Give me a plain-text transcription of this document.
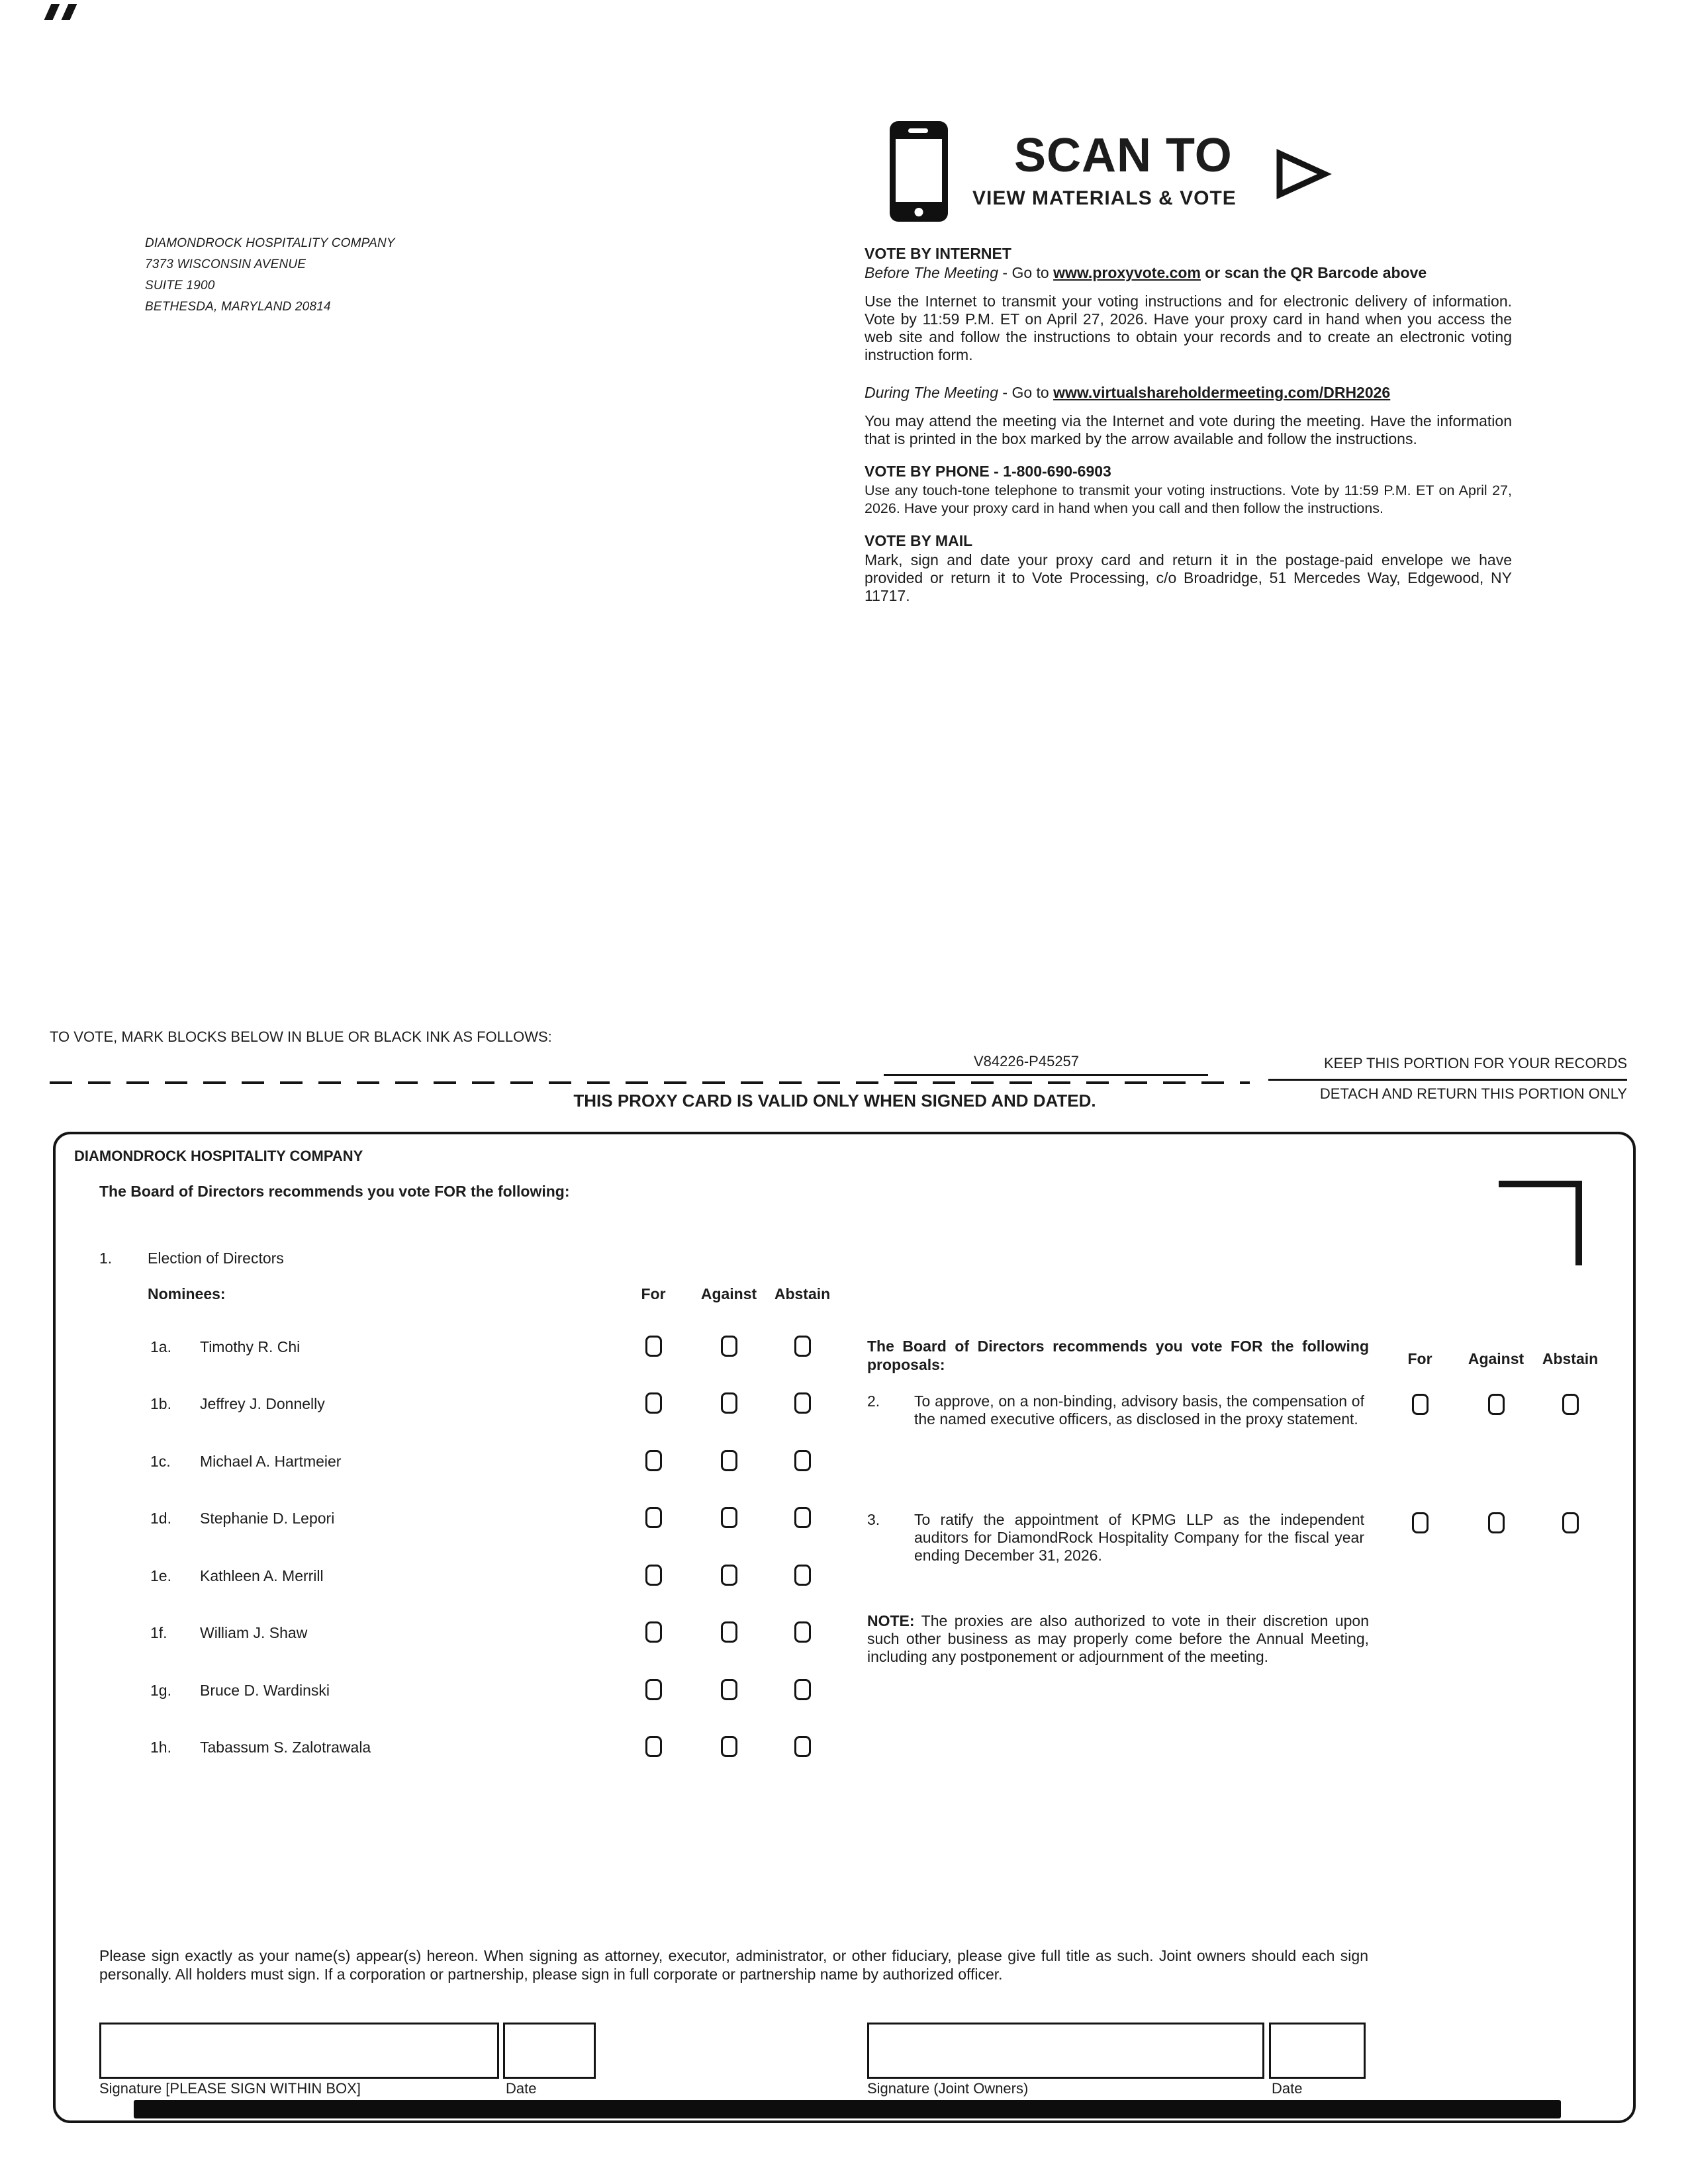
DIAMONDROCK HOSPITALITY COMPANY
7373 WISCONSIN AVENUE
SUITE 1900
BETHESDA, MARYLAND 20814
SCAN TO
VIEW MATERIALS & VOTE
VOTE BY INTERNET
Before The Meeting - Go to www.proxyvote.com or scan the QR Barcode above

Use the Internet to transmit your voting instructions and for electronic delivery of information. Vote by 11:59 P.M. ET on April 27, 2026. Have your proxy card in hand when you access the web site and follow the instructions to obtain your records and to create an electronic voting instruction form.

During The Meeting - Go to www.virtualshareholdermeeting.com/DRH2026

You may attend the meeting via the Internet and vote during the meeting. Have the information that is printed in the box marked by the arrow available and follow the instructions.

VOTE BY PHONE - 1-800-690-6903

Use any touch-tone telephone to transmit your voting instructions. Vote by 11:59 P.M. ET on April 27, 2026. Have your proxy card in hand when you call and then follow the instructions.

VOTE BY MAIL

Mark, sign and date your proxy card and return it in the postage-paid envelope we have provided or return it to Vote Processing, c/o Broadridge, 51 Mercedes Way, Edgewood, NY 11717.

TO VOTE, MARK BLOCKS BELOW IN BLUE OR BLACK INK AS FOLLOWS:
V84226-P45257	KEEP THIS PORTION FOR YOUR RECORDS
THIS PROXY CARD IS VALID ONLY WHEN SIGNED AND DATED.	DETACH AND RETURN THIS PORTION ONLY
DIAMONDROCK HOSPITALITY COMPANY
The Board of Directors recommends you vote FOR the following:
1. Election of Directors
Nominees:	For	Against	Abstain
1a. Timothy R. Chi
1b. Jeffrey J. Donnelly
1c. Michael A. Hartmeier
1d. Stephanie D. Lepori
1e. Kathleen A. Merrill
1f. William J. Shaw
1g. Bruce D. Wardinski
1h. Tabassum S. Zalotrawala
The Board of Directors recommends you vote FOR the following proposals:	For	Against	Abstain
2. To approve, on a non-binding, advisory basis, the compensation of the named executive officers, as disclosed in the proxy statement.
3. To ratify the appointment of KPMG LLP as the independent auditors for DiamondRock Hospitality Company for the fiscal year ending December 31, 2026.
NOTE: The proxies are also authorized to vote in their discretion upon such other business as may properly come before the Annual Meeting, including any postponement or adjournment of the meeting.
Please sign exactly as your name(s) appear(s) hereon. When signing as attorney, executor, administrator, or other fiduciary, please give full title as such. Joint owners should each sign personally. All holders must sign. If a corporation or partnership, please sign in full corporate or partnership name by authorized officer.
Signature [PLEASE SIGN WITHIN BOX]	Date	Signature (Joint Owners)	Date
